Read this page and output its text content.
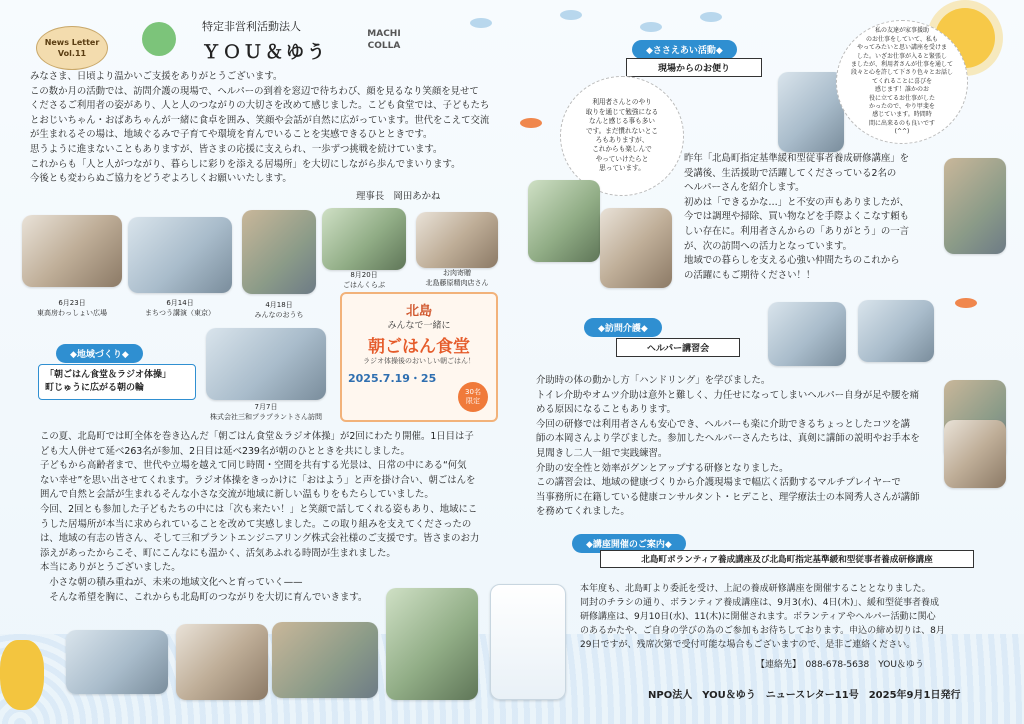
News Letter
Vol.11
特定非営利活動法人
ＹＯＵ＆ゆう
MACHI
COLLA
みなさま、日頃より温かいご支援をありがとうございます。
この数か月の活動では、訪問介護の現場で、ヘルパーの到着を窓辺で待ちわび、顔を見るなり笑顔を見せて
くださるご利用者の姿があり、人と人のつながりの大切さを改めて感じました。こども食堂では、子どもたち
とおじいちゃん・おばあちゃんが一緒に食卓を囲み、笑顔や会話が自然に広がっています。世代をこえて交流
が生まれるその場は、地域ぐるみで子育てや環境を育んでいることを実感できるひとときです。
思うように進まないこともありますが、皆さまの応援に支えられ、一歩ずつ挑戦を続けています。
これからも「人と人がつながり、暮らしに彩りを添える居場所」を大切にしながら歩んでまいります。
今後とも変わらぬご協力をどうぞよろしくお願いいたします。
理事長　岡田あかね
6月23日
東高房わっしょい広場
6月14日
まちつう講演（東京）
4月18日
みんなのおうち
8月20日
ごはんくらぶ
お肉寄贈
北島藤原精肉店さん
北島
みんなで一緒に
朝ごはん食堂
ラジオ体操後のおいしい朝ごはん！
2025.7.19・25
30名
限定
◆地域づくり◆
「朝ごはん食堂＆ラジオ体操」
町じゅうに広がる朝の輪
7月7日
株式会社三和プラプラントさん訪問
この夏、北島町では町全体を巻き込んだ「朝ごはん食堂＆ラジオ体操」が2回にわたり開催。1日目は子
ども大人併せて延べ263名が参加、2日目は延べ239名が朝のひとときを共にしました。
子どもから高齢者まで、世代や立場を越えて同じ時間・空間を共有する光景は、日常の中にある“何気
ない幸せ”を思い出させてくれます。ラジオ体操をきっかけに「おはよう」と声を掛け合い、朝ごはんを
囲んで自然と会話が生まれるそんな小さな交流が地域に新しい温もりをもたらしていました。
今回、2回とも参加した子どもたちの中には「次も来たい！」と笑顔で話してくれる姿もあり、地域にこ
うした居場所が本当に求められていることを改めて実感しました。この取り組みを支えてくださったの
は、地域の有志の皆さん、そして三和プラントエンジニアリング株式会社様のご支援です。皆さまのお力
添えがあったからこそ、町にこんなにも温かく、活気あふれる時間が生まれました。
本当にありがとうございました。
　小さな朝の積み重ねが、未来の地域文化へと育っていく——
　そんな希望を胸に、これからも北島町のつながりを大切に育んでいきます。
◆ささえあい活動◆
現場からのお便り
利用者さんとのやり
取りを通じて勉強になる
なんと感じる事も多い
です。まだ慣れないとこ
ろもありますが、
これからも楽しんで
やっていけたらと
思っています。
私の友達が家事援助
のお仕事をしていて、私も
やってみたいと思い講座を受けま
した。いざお仕事が入ると緊張し
ましたが、利用者さんが仕事を通して
段々と心を許して下さり色々とお話し
てくれることに喜びを
感じます！誰かのお
役に立てるお仕事がした
かったので、やり甲斐を
感じています。時間時
間に出来るのも良いです
(^^)
昨年「北島町指定基準緩和型従事者養成研修講座」を
受講後、生活援助で活躍してくださっている2名の
ヘルパーさんを紹介します。
初めは「できるかな…」と不安の声もありましたが、
今では調理や掃除、買い物などを手際よくこなす頼も
しい存在に。利用者さんからの「ありがとう」の一言
が、次の訪問への活力となっています。
地域での暮らしを支える心強い仲間たちのこれから
の活躍にもご期待ください！！
◆訪問介護◆
ヘルパー講習会
介助時の体の動かし方「ハンドリング」を学びました。
トイレ介助やオムツ介助は意外と難しく、力任せになってしまいヘルパー自身が足や腰を痛
める原因になることもあります。
今回の研修では利用者さんも安心でき、ヘルパーも楽に介助できるちょっとしたコツを講
師の本岡さんより学びました。参加したヘルパーさんたちは、真剣に講師の説明やお手本を
見聞きし二人一組で実践練習。
介助の安全性と効率がグンとアップする研修となりました。
この講習会は、地域の健康づくりから介護現場まで幅広く活動するマルチプレイヤーで
当事務所に在籍している健康コンサルタント・ヒデこと、理学療法士の本岡秀人さんが講師
を務めてくれました。
◆講座開催のご案内◆
北島町ボランティア養成講座及び北島町指定基準緩和型従事者養成研修講座
本年度も、北島町より委託を受け、上記の養成研修講座を開催することとなりました。
同封のチラシの通り、ボランティア養成講座は、9月3(水)、4日(木)」、緩和型従事者養成
研修講座は、9月10日(水)、11(木)に開催されます。ボランティアやヘルパー活動に関心
のあるかたや、ご自身の学びの為のご参加もお待ちしております。申込の締め切りは、8月
29日ですが、残席次第で受付可能な場合もございますので、是非ご連絡ください。
【連絡先】　088-678-5638　YOU＆ゆう
NPO法人　YOU＆ゆう　ニュースレター11号　2025年9月1日発行
